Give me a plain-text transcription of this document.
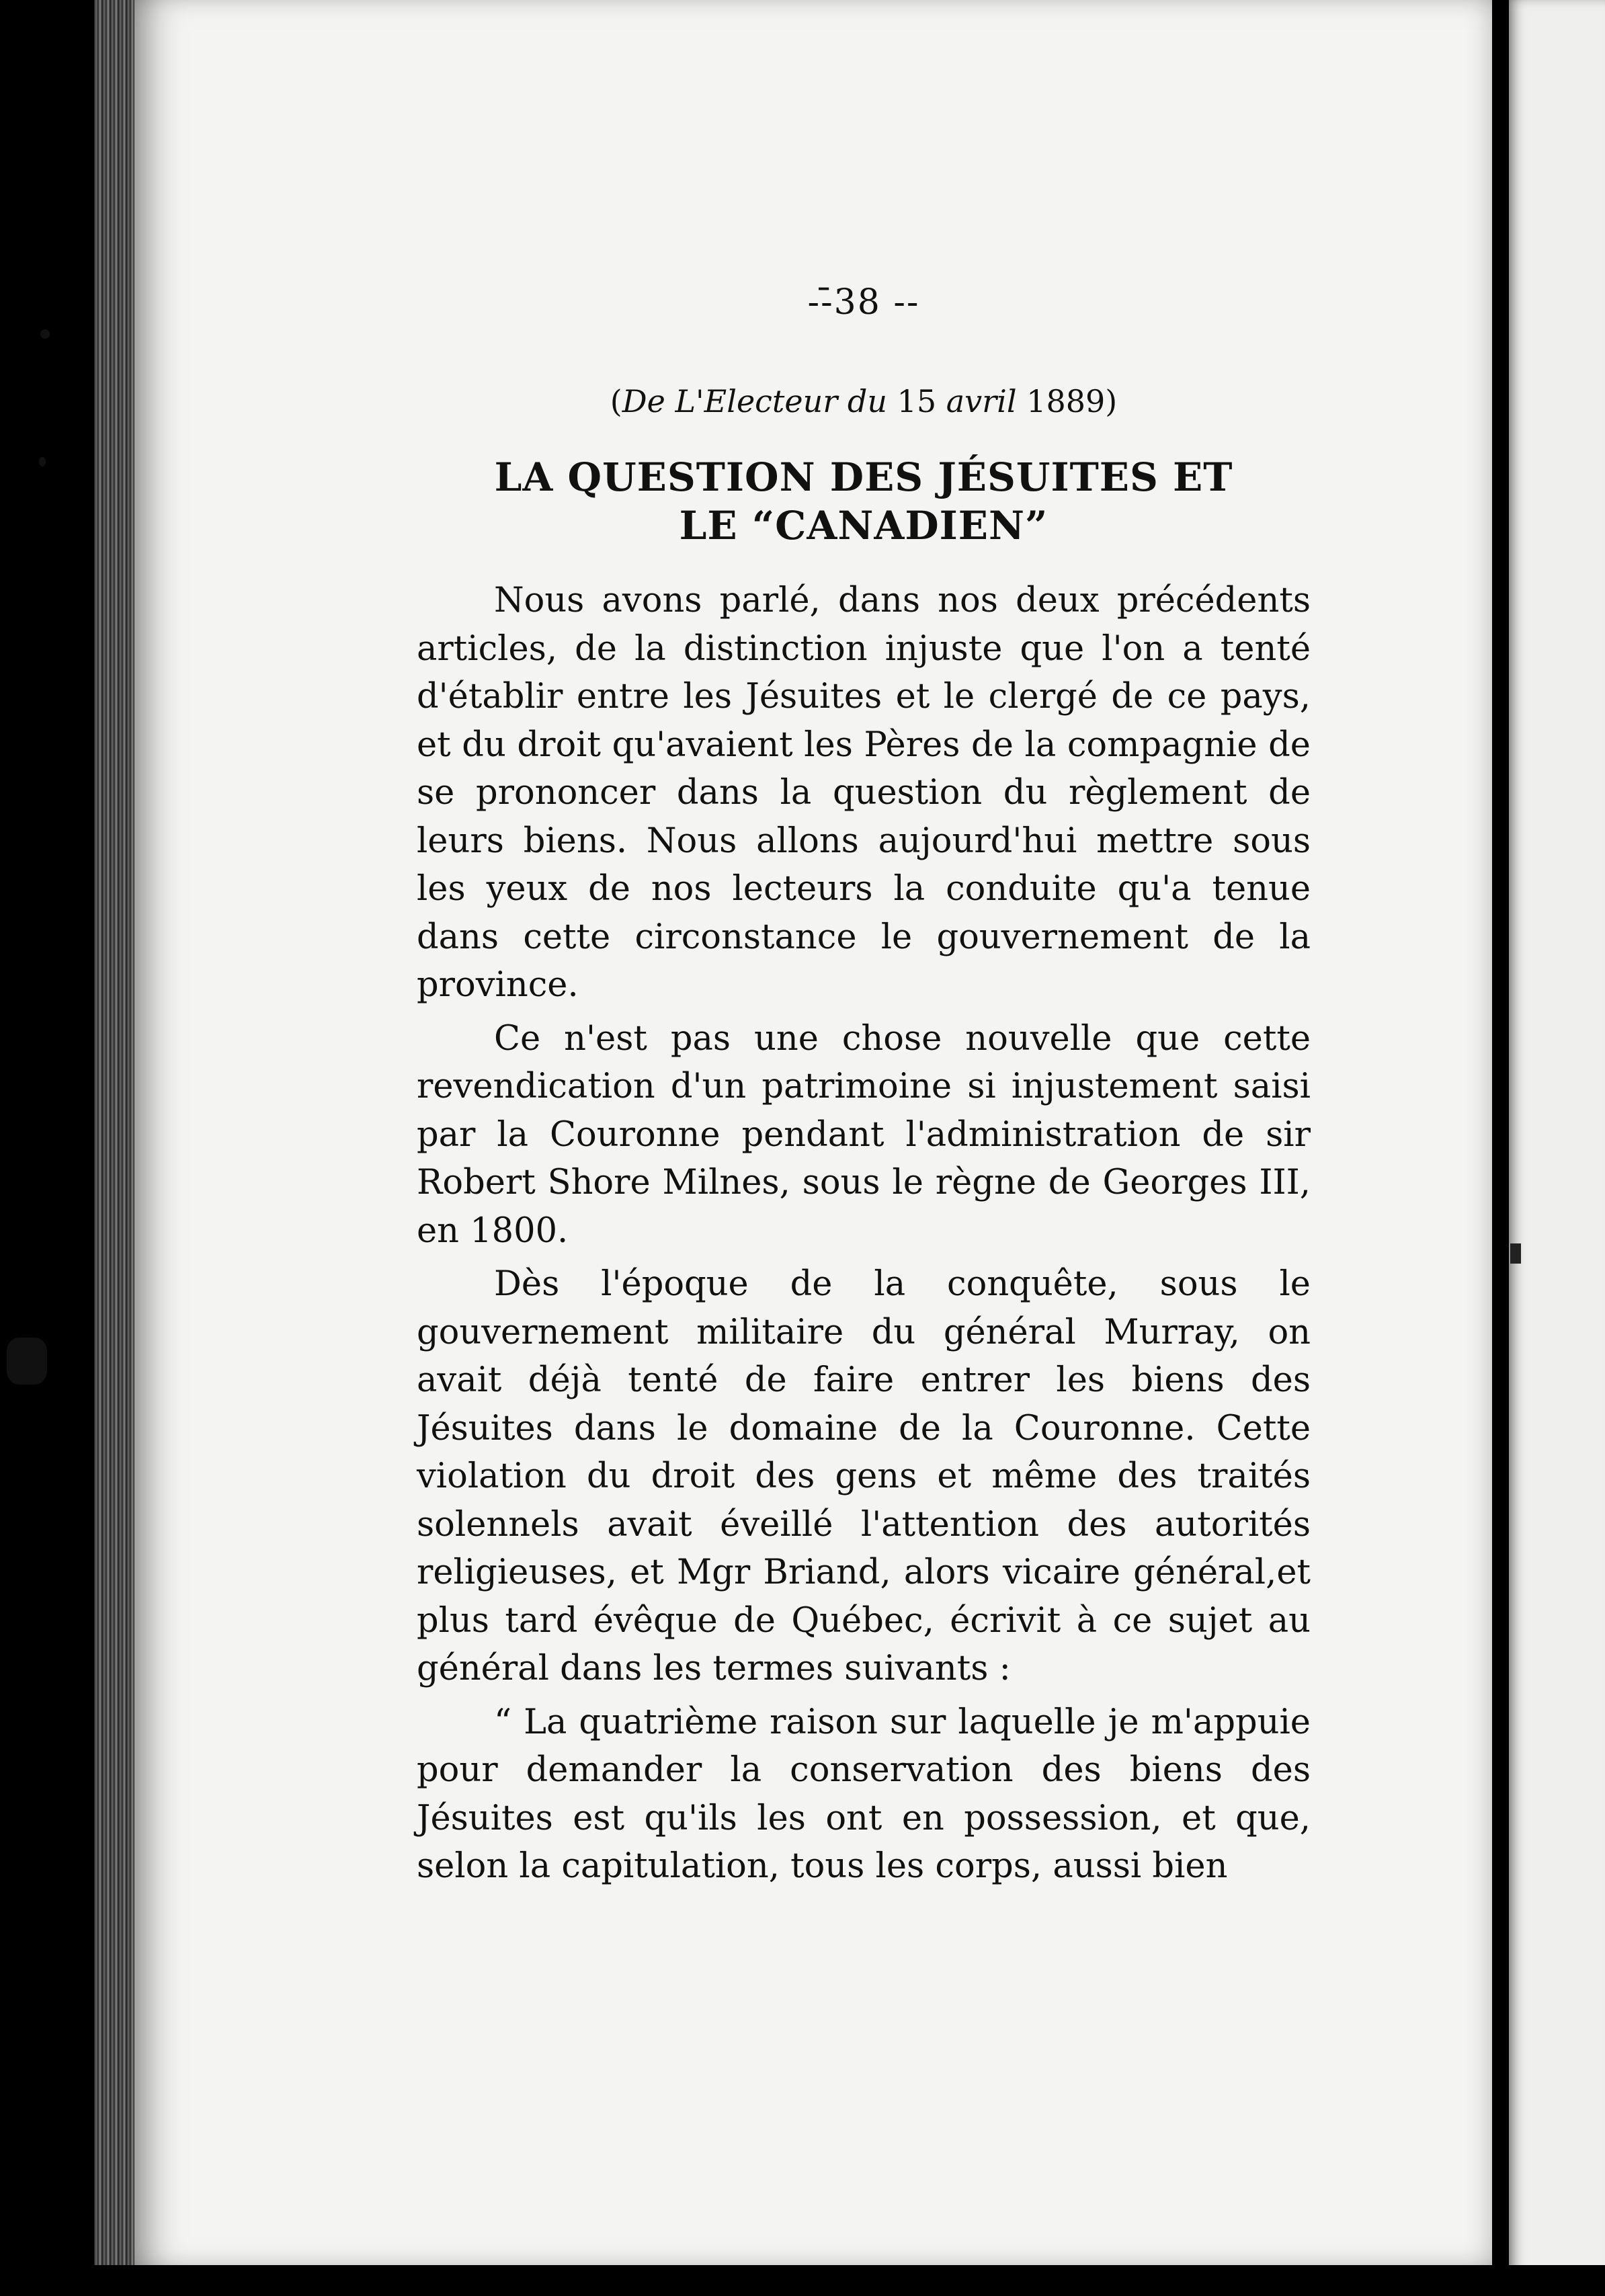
--̄38 --
(De L'Electeur du 15 avril 1889)
LA QUESTION DES JÉSUITES ET
LE “CANADIEN”

Nous avons parlé, dans nos deux précédents articles, de la distinction injuste que l'on a tenté d'établir entre les Jésuites et le clergé de ce pays, et du droit qu'avaient les Pères de la compagnie de se prononcer dans la question du règlement de leurs biens. Nous allons aujourd'hui mettre sous les yeux de nos lecteurs la conduite qu'a tenue dans cette circonstance le gouvernement de la province.

Ce n'est pas une chose nouvelle que cette revendication d'un patrimoine si injustement saisi par la Couronne pendant l'administration de sir Robert Shore Milnes, sous le règne de Georges III, en 1800.

Dès l'époque de la conquête, sous le gouvernement militaire du général Murray, on avait déjà tenté de faire entrer les biens des Jésuites dans le domaine de la Couronne. Cette violation du droit des gens et même des traités solennels avait éveillé l'attention des autorités religieuses, et Mgr Briand, alors vicaire général,et plus tard évêque de Québec, écrivit à ce sujet au général dans les termes suivants :

“ La quatrième raison sur laquelle je m'appuie pour demander la conservation des biens des Jésuites est qu'ils les ont en possession, et que, selon la capitulation, tous les corps, aussi bien
